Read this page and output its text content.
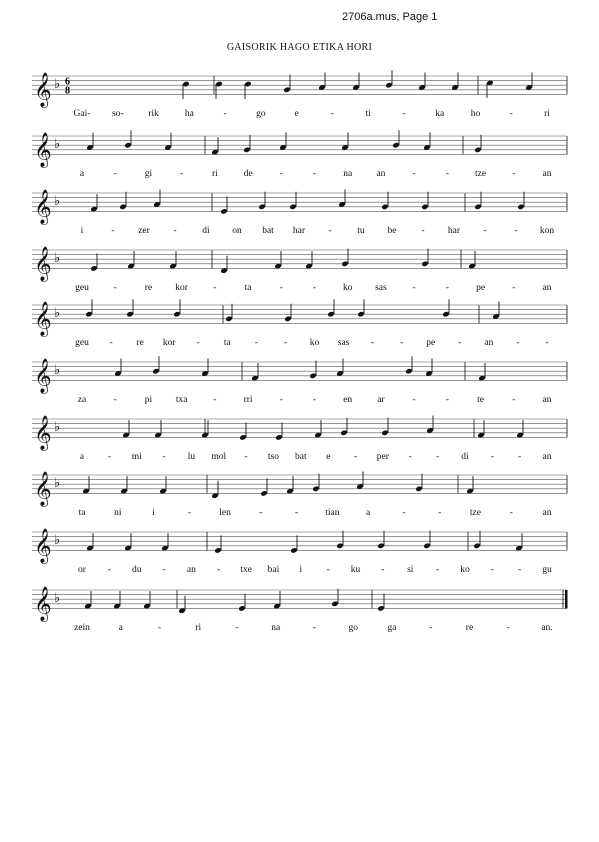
2706a.mus, Page 1
GAISORIK HAGO ETIKA HORI
𝄞 ♭ 6
8
Gai- so-	rik	ha	-	go	e	-	ti	-	ka	ho	-	ri
𝄞 ♭
a	-	gi	-	ri	de	-	-	na	an	-	-	tze	-	an
𝄞 ♭
i	- zer -	di on bat har -	tu be	- har -	- kon
𝄞 ♭
geu	-	re kor	-	ta	-	-	ko sas	-	-	pe	-	an
𝄞 ♭
geu -	re kor -	ta	-	- ko sas -	- pe - an -	-
𝄞 ♭
za	-	pi txa	-	rri	-	-	en	ar	-	-	te	-	an
𝄞 ♭
a - mi - lu mol - tso bat e - per -	- di -	- an
𝄞 ♭
ta	ni	i	-	len	-	-	tian	a	-	-	tze	-	an
𝄞 ♭
or - du - an - txe bai i	- ku - si - ko -	- gu
𝄞 ♭
zein	a	-	ri	-	na	-	go	ga	-	re	-	an.
